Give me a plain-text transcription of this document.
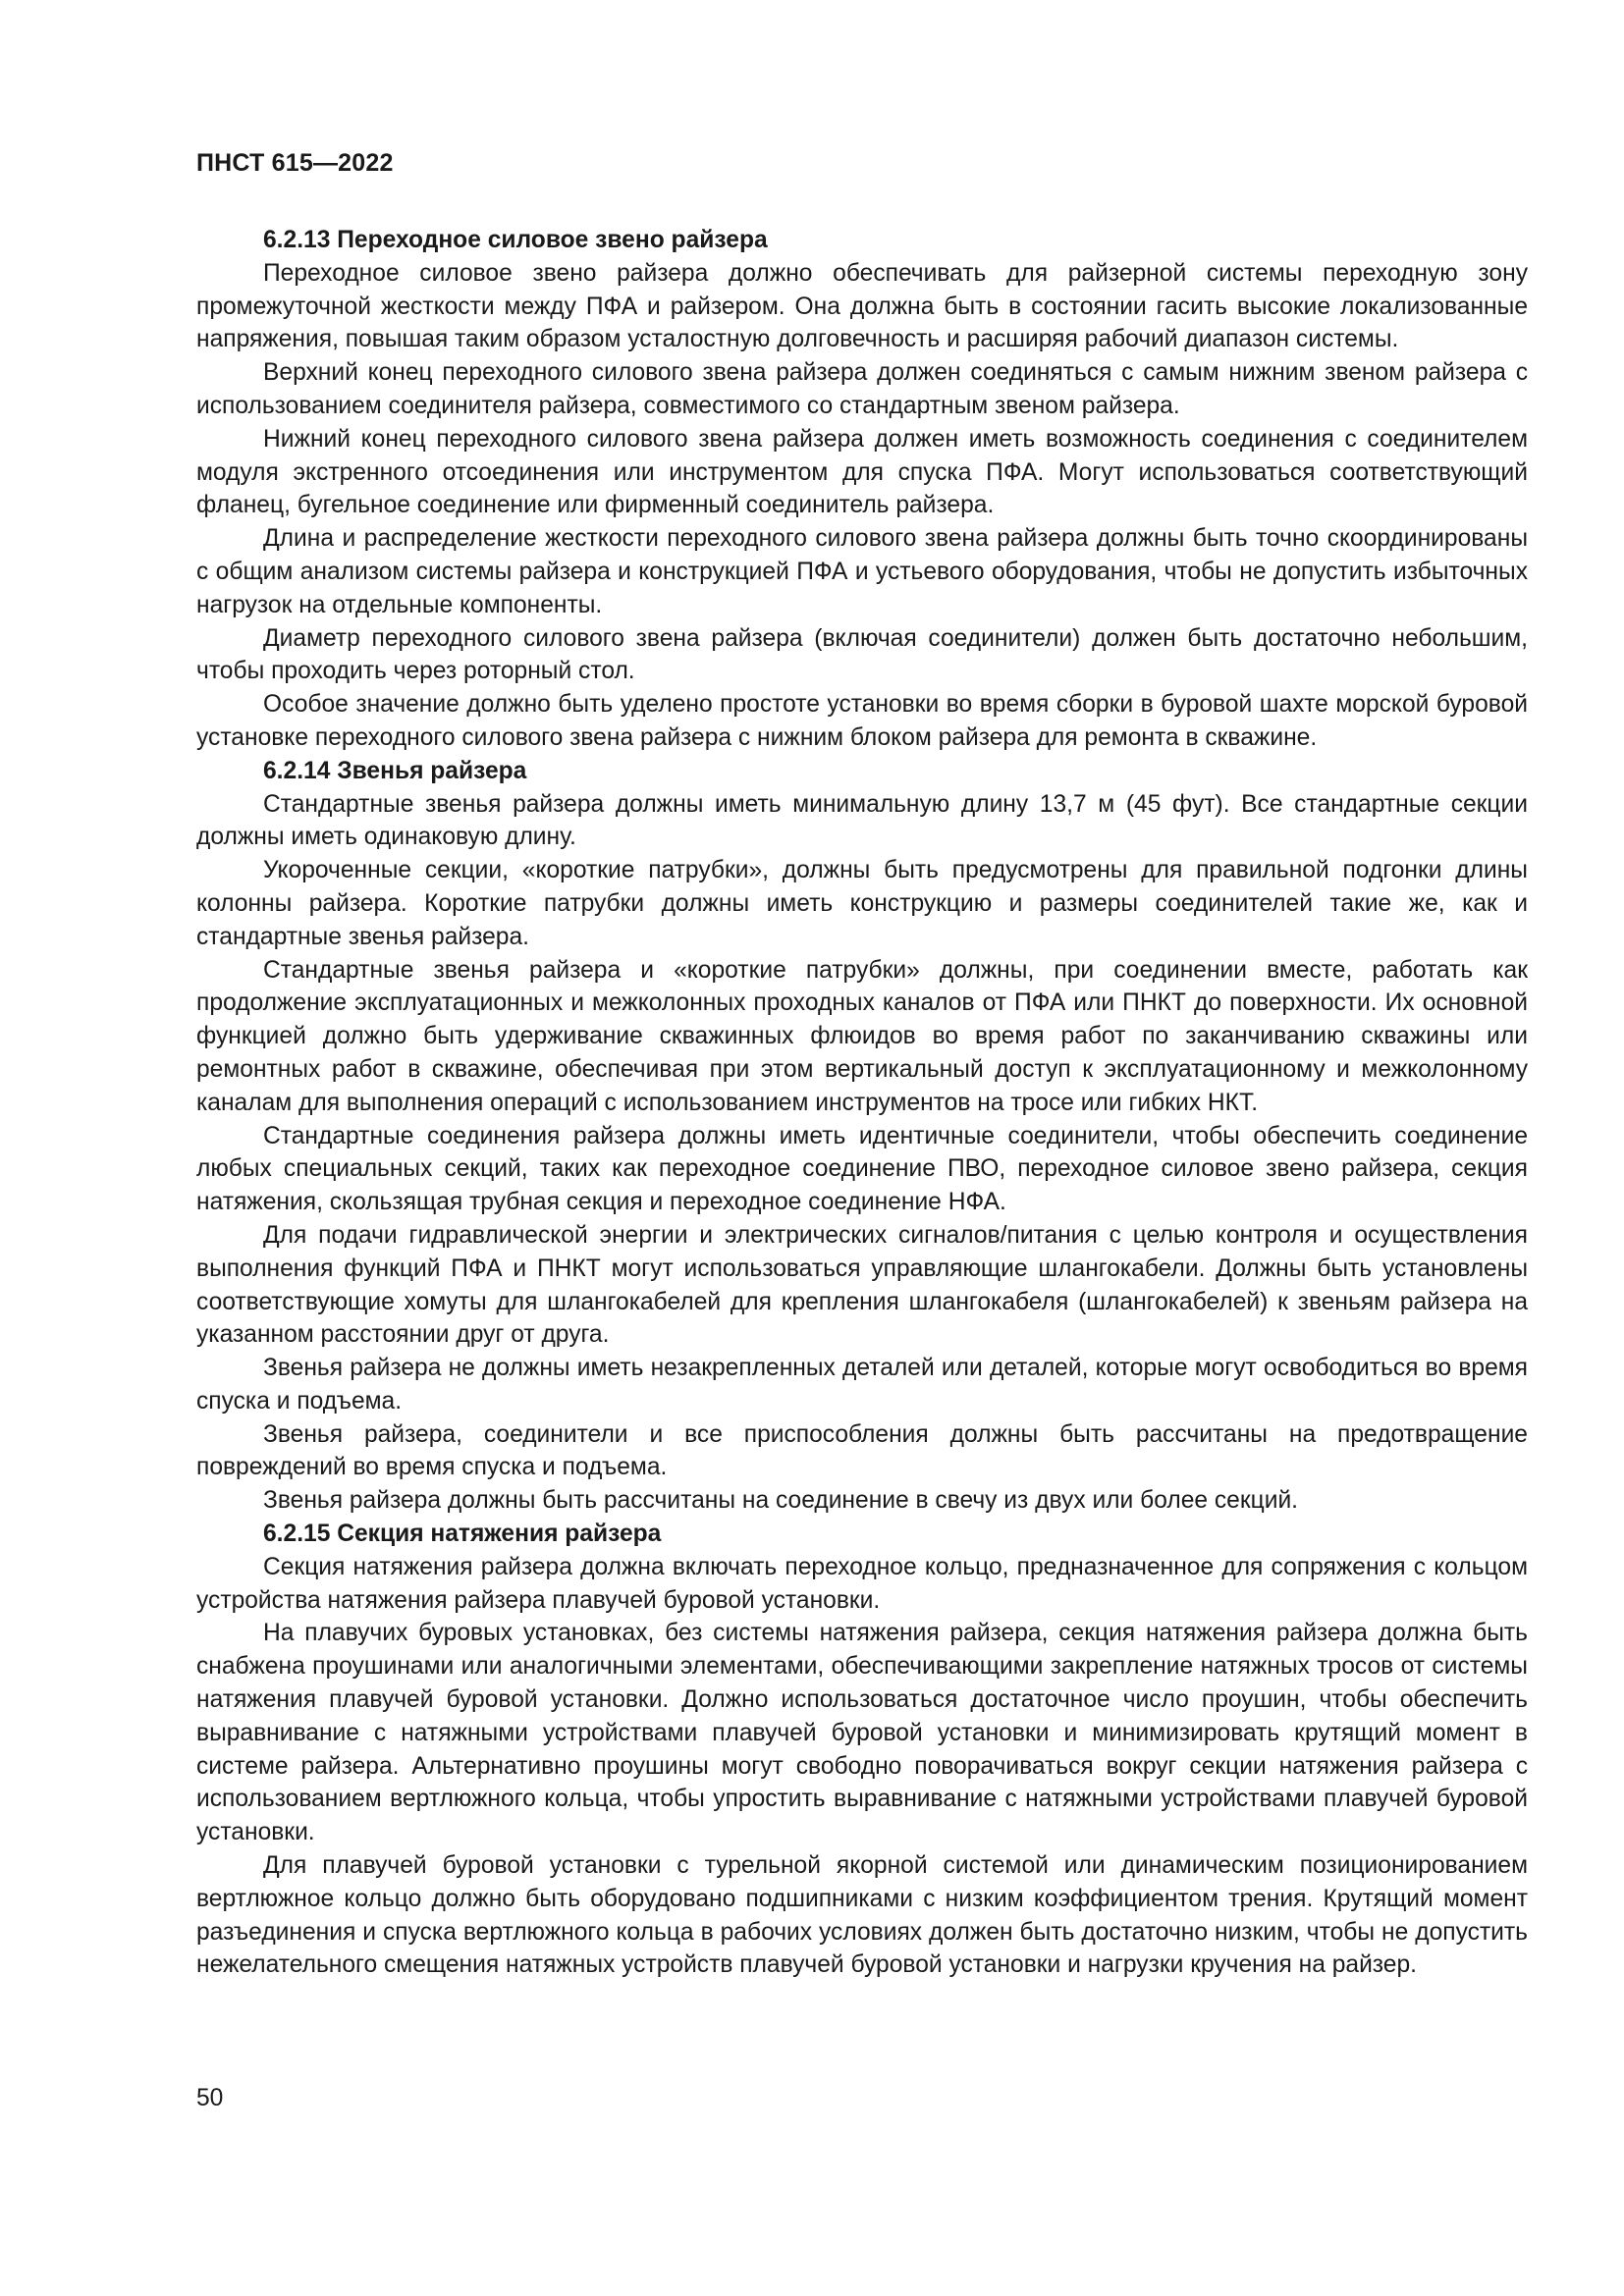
ПНСТ 615—2022
6.2.13 Переходное силовое звено райзера

Переходное силовое звено райзера должно обеспечивать для райзерной системы переходную зону промежуточной жесткости между ПФА и райзером. Она должна быть в состоянии гасить высокие локализованные напряжения, повышая таким образом усталостную долговечность и расширяя рабочий диапазон системы.

Верхний конец переходного силового звена райзера должен соединяться с самым нижним звеном райзера с использованием соединителя райзера, совместимого со стандартным звеном райзера.

Нижний конец переходного силового звена райзера должен иметь возможность соединения с соединителем модуля экстренного отсоединения или инструментом для спуска ПФА. Могут использоваться соответствующий фланец, бугельное соединение или фирменный соединитель райзера.

Длина и распределение жесткости переходного силового звена райзера должны быть точно скоординированы с общим анализом системы райзера и конструкцией ПФА и устьевого оборудования, чтобы не допустить избыточных нагрузок на отдельные компоненты.

Диаметр переходного силового звена райзера (включая соединители) должен быть достаточно небольшим, чтобы проходить через роторный стол.

Особое значение должно быть уделено простоте установки во время сборки в буровой шахте морской буровой установке переходного силового звена райзера с нижним блоком райзера для ремонта в скважине.

6.2.14 Звенья райзера

Стандартные звенья райзера должны иметь минимальную длину 13,7 м (45 фут). Все стандартные секции должны иметь одинаковую длину.

Укороченные секции, «короткие патрубки», должны быть предусмотрены для правильной подгонки длины колонны райзера. Короткие патрубки должны иметь конструкцию и размеры соединителей такие же, как и стандартные звенья райзера.

Стандартные звенья райзера и «короткие патрубки» должны, при соединении вместе, работать как продолжение эксплуатационных и межколонных проходных каналов от ПФА или ПНКТ до поверхности. Их основной функцией должно быть удерживание скважинных флюидов во время работ по заканчиванию скважины или ремонтных работ в скважине, обеспечивая при этом вертикальный доступ к эксплуатационному и межколонному каналам для выполнения операций с использованием инструментов на тросе или гибких НКТ.

Стандартные соединения райзера должны иметь идентичные соединители, чтобы обеспечить соединение любых специальных секций, таких как переходное соединение ПВО, переходное силовое звено райзера, секция натяжения, скользящая трубная секция и переходное соединение НФА.

Для подачи гидравлической энергии и электрических сигналов/питания с целью контроля и осуществления выполнения функций ПФА и ПНКТ могут использоваться управляющие шлангокабели. Должны быть установлены соответствующие хомуты для шлангокабелей для крепления шлангокабеля (шлангокабелей) к звеньям райзера на указанном расстоянии друг от друга.

Звенья райзера не должны иметь незакрепленных деталей или деталей, которые могут освободиться во время спуска и подъема.

Звенья райзера, соединители и все приспособления должны быть рассчитаны на предотвращение повреждений во время спуска и подъема.

Звенья райзера должны быть рассчитаны на соединение в свечу из двух или более секций.

6.2.15 Секция натяжения райзера

Секция натяжения райзера должна включать переходное кольцо, предназначенное для сопряжения с кольцом устройства натяжения райзера плавучей буровой установки.

На плавучих буровых установках, без системы натяжения райзера, секция натяжения райзера должна быть снабжена проушинами или аналогичными элементами, обеспечивающими закрепление натяжных тросов от системы натяжения плавучей буровой установки. Должно использоваться достаточное число проушин, чтобы обеспечить выравнивание с натяжными устройствами плавучей буровой установки и минимизировать крутящий момент в системе райзера. Альтернативно проушины могут свободно поворачиваться вокруг секции натяжения райзера с использованием вертлюжного кольца, чтобы упростить выравнивание с натяжными устройствами плавучей буровой установки.

Для плавучей буровой установки с турельной якорной системой или динамическим позиционированием вертлюжное кольцо должно быть оборудовано подшипниками с низким коэффициентом трения. Крутящий момент разъединения и спуска вертлюжного кольца в рабочих условиях должен быть достаточно низким, чтобы не допустить нежелательного смещения натяжных устройств плавучей буровой установки и нагрузки кручения на райзер.

50
